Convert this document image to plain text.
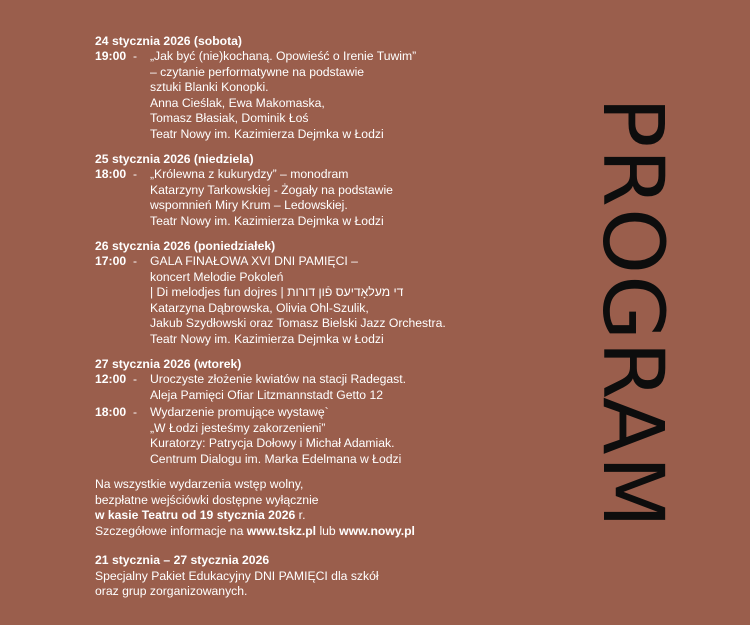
24 stycznia 2026 (sobota)
19:00 -	„Jak być (nie)kochaną. Opowieść o Irenie Tuwim”
– czytanie performatywne na podstawie
sztuki Blanki Konopki.
Anna Cieślak, Ewa Makomaska,
Tomasz Błasiak, Dominik Łoś
Teatr Nowy im. Kazimierza Dejmka w Łodzi
25 stycznia 2026 (niedziela)
18:00 -	„Królewna z kukurydzy” – monodram
Katarzyny Tarkowskiej - Żogały na podstawie
wspomnień Miry Krum – Ledowskiej.
Teatr Nowy im. Kazimierza Dejmka w Łodzi
26 stycznia 2026 (poniedziałek)
17:00 -	GALA FINAŁOWA XVI DNI PAMIĘCI –
koncert Melodie Pokoleń
| Di melodjes fun dojres | די מעלאָדיעס פֿון דורות
Katarzyna Dąbrowska, Olivia Ohl-Szulik,
Jakub Szydłowski oraz Tomasz Bielski Jazz Orchestra.
Teatr Nowy im. Kazimierza Dejmka w Łodzi
27 stycznia 2026 (wtorek)
12:00 -	Uroczyste złożenie kwiatów na stacji Radegast.
Aleja Pamięci Ofiar Litzmannstadt Getto 12
18:00 -	Wydarzenie promujące wystawę`
„W Łodzi jesteśmy zakorzenieni”
Kuratorzy: Patrycja Dołowy i Michał Adamiak.
Centrum Dialogu im. Marka Edelmana w Łodzi
Na wszystkie wydarzenia wstęp wolny,
bezpłatne wejściówki dostępne wyłącznie
w kasie Teatru od 19 stycznia 2026 r.
Szczegółowe informacje na www.tskz.pl lub www.nowy.pl
21 stycznia – 27 stycznia 2026
Specjalny Pakiet Edukacyjny DNI PAMIĘCI dla szkół
oraz grup zorganizowanych.
PROGRAM
